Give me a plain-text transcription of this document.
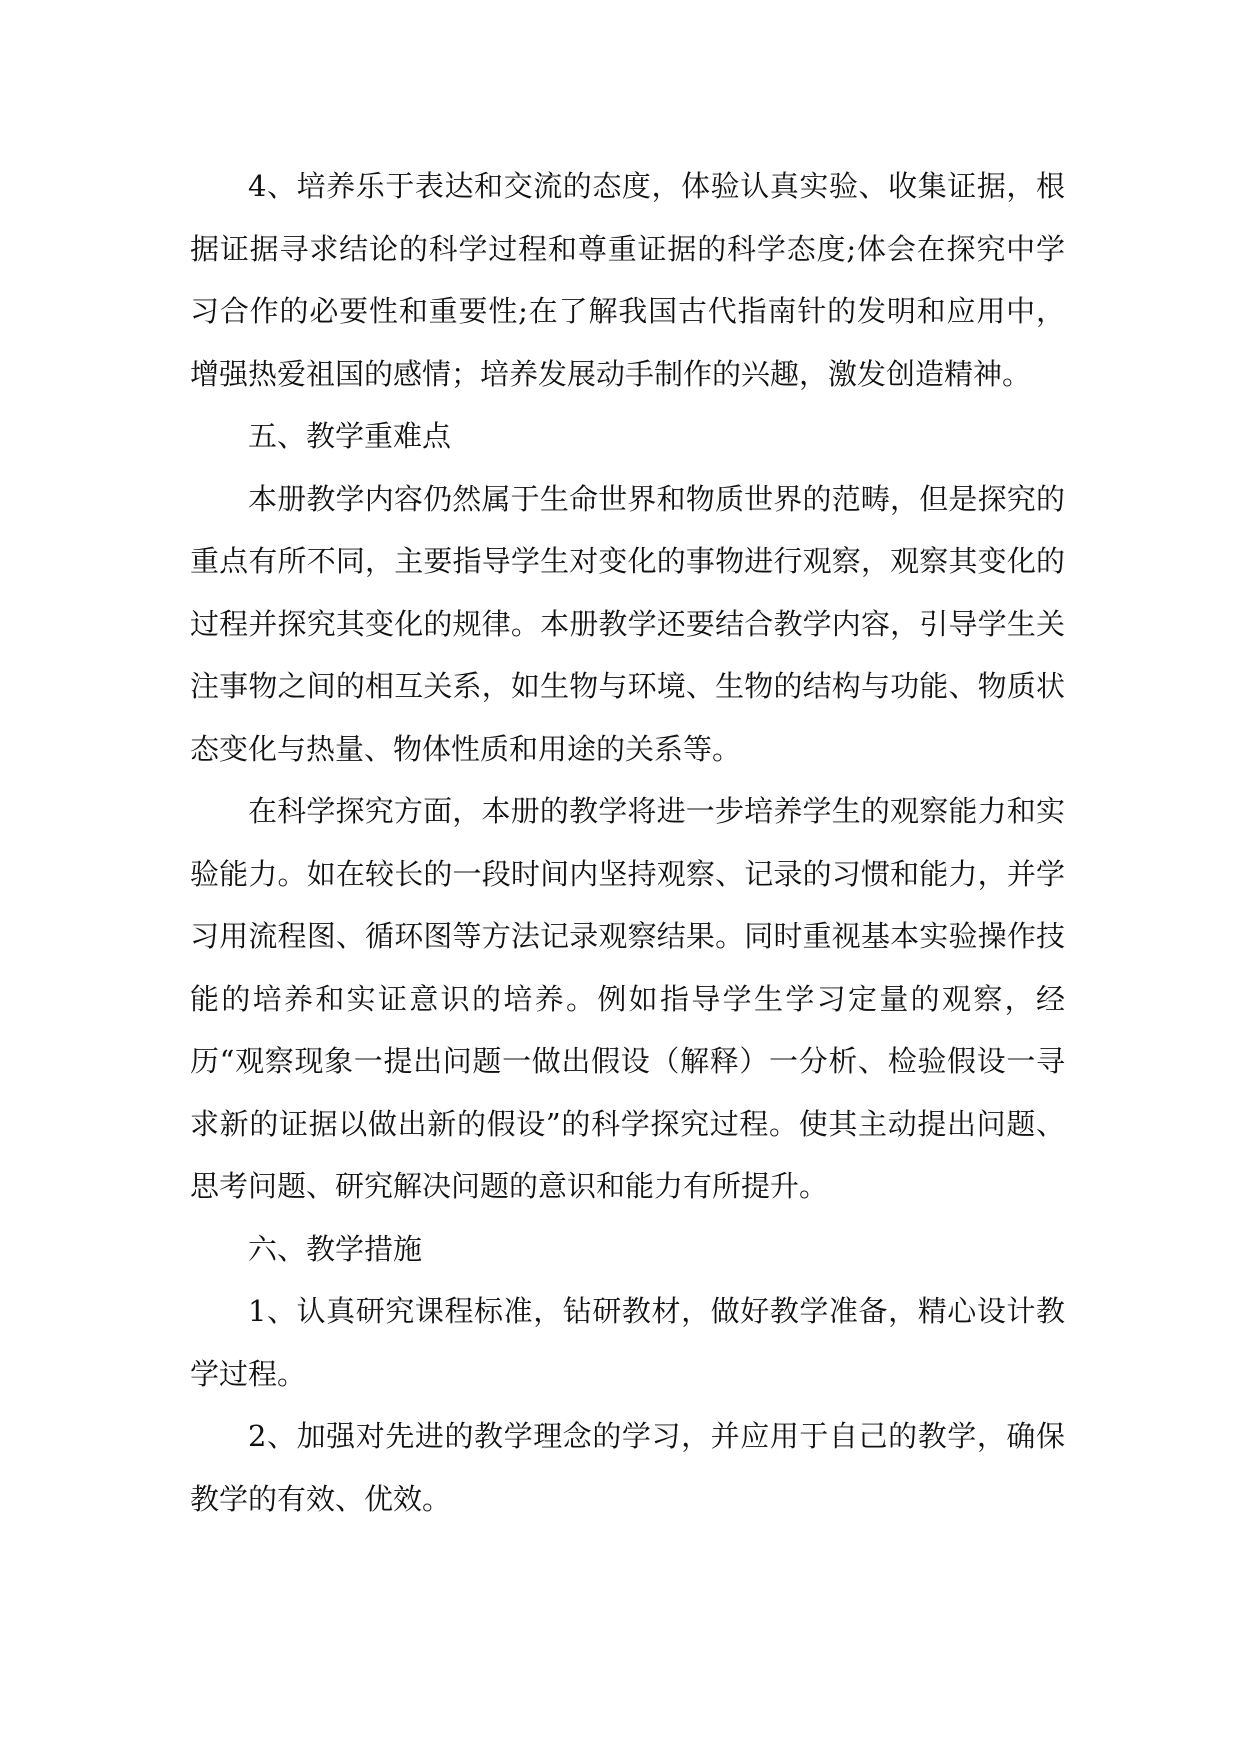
4、培养乐于表达和交流的态度，体验认真实验、收集证据，根据证据寻求结论的科学过程和尊重证据的科学态度;体会在探究中学习合作的必要性和重要性;在了解我国古代指南针的发明和应用中，增强热爱祖国的感情；培养发展动手制作的兴趣，激发创造精神。

五、教学重难点

本册教学内容仍然属于生命世界和物质世界的范畴，但是探究的重点有所不同，主要指导学生对变化的事物进行观察，观察其变化的过程并探究其变化的规律。本册教学还要结合教学内容，引导学生关注事物之间的相互关系，如生物与环境、生物的结构与功能、物质状态变化与热量、物体性质和用途的关系等。

在科学探究方面，本册的教学将进一步培养学生的观察能力和实验能力。如在较长的一段时间内坚持观察、记录的习惯和能力，并学习用流程图、循环图等方法记录观察结果。同时重视基本实验操作技能的培养和实证意识的培养。例如指导学生学习定量的观察，经历“观察现象一提出问题一做出假设（解释）一分析、检验假设一寻求新的证据以做出新的假设”的科学探究过程。使其主动提出问题、思考问题、研究解决问题的意识和能力有所提升。

六、教学措施

1、认真研究课程标准，钻研教材，做好教学准备，精心设计教学过程。

2、加强对先进的教学理念的学习，并应用于自己的教学，确保教学的有效、优效。
